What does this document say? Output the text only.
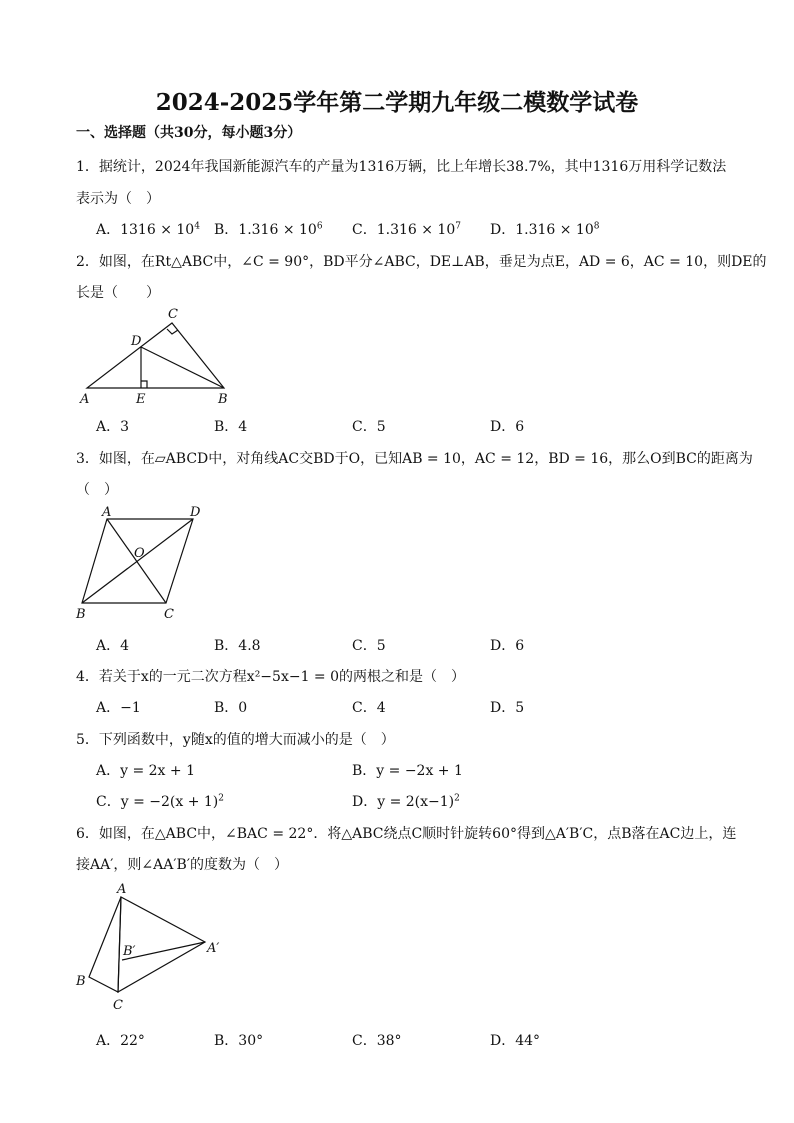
2024-2025学年第二学期九年级二模数学试卷
一、选择题（共30分，每小题3分）
1．据统计，2024年我国新能源汽车的产量为1316万辆，比上年增长38.7%，其中1316万用科学记数法
表示为（　）
A．$1316 \times 10^4$ B．$1.316 \times 10^6$ C．$1.316 \times 10^7$ D．$1.316 \times 10^8$
2．如图，在Rt△ABC中，∠C = 90°，BD平分∠ABC，DE⊥AB，垂足为点E，AD = 6，AC = 10，则DE的
长是（　　）
A	B
C
D
E
A．3	B．4	C．5	D．6
3．如图，在▱ABCD中，对角线AC交BD于O，已知AB = 10，AC = 12，BD = 16，那么O到BC的距离为
（　）
A	D
B	C
O
A．4	B．4.8	C．5	D．6
4．若关于x的一元二次方程x²−5x−1 = 0的两根之和是（　）
A．−1	B．0	C．4	D．5
5．下列函数中，y随x的值的增大而减小的是（　）
A．y = 2x + 1	B．y = −2x + 1
C．$y = -2(x + 1)^2$	D．$y = 2(x-1)^2$
6．如图，在△ABC中，∠BAC = 22°．将△ABC绕点C顺时针旋转60°得到△A′B′C，点B落在AC边上，连
接AA′，则∠AA′B′的度数为（　）
A
B
C
A′
B′
A．22°	B．30°	C．38°	D．44°
